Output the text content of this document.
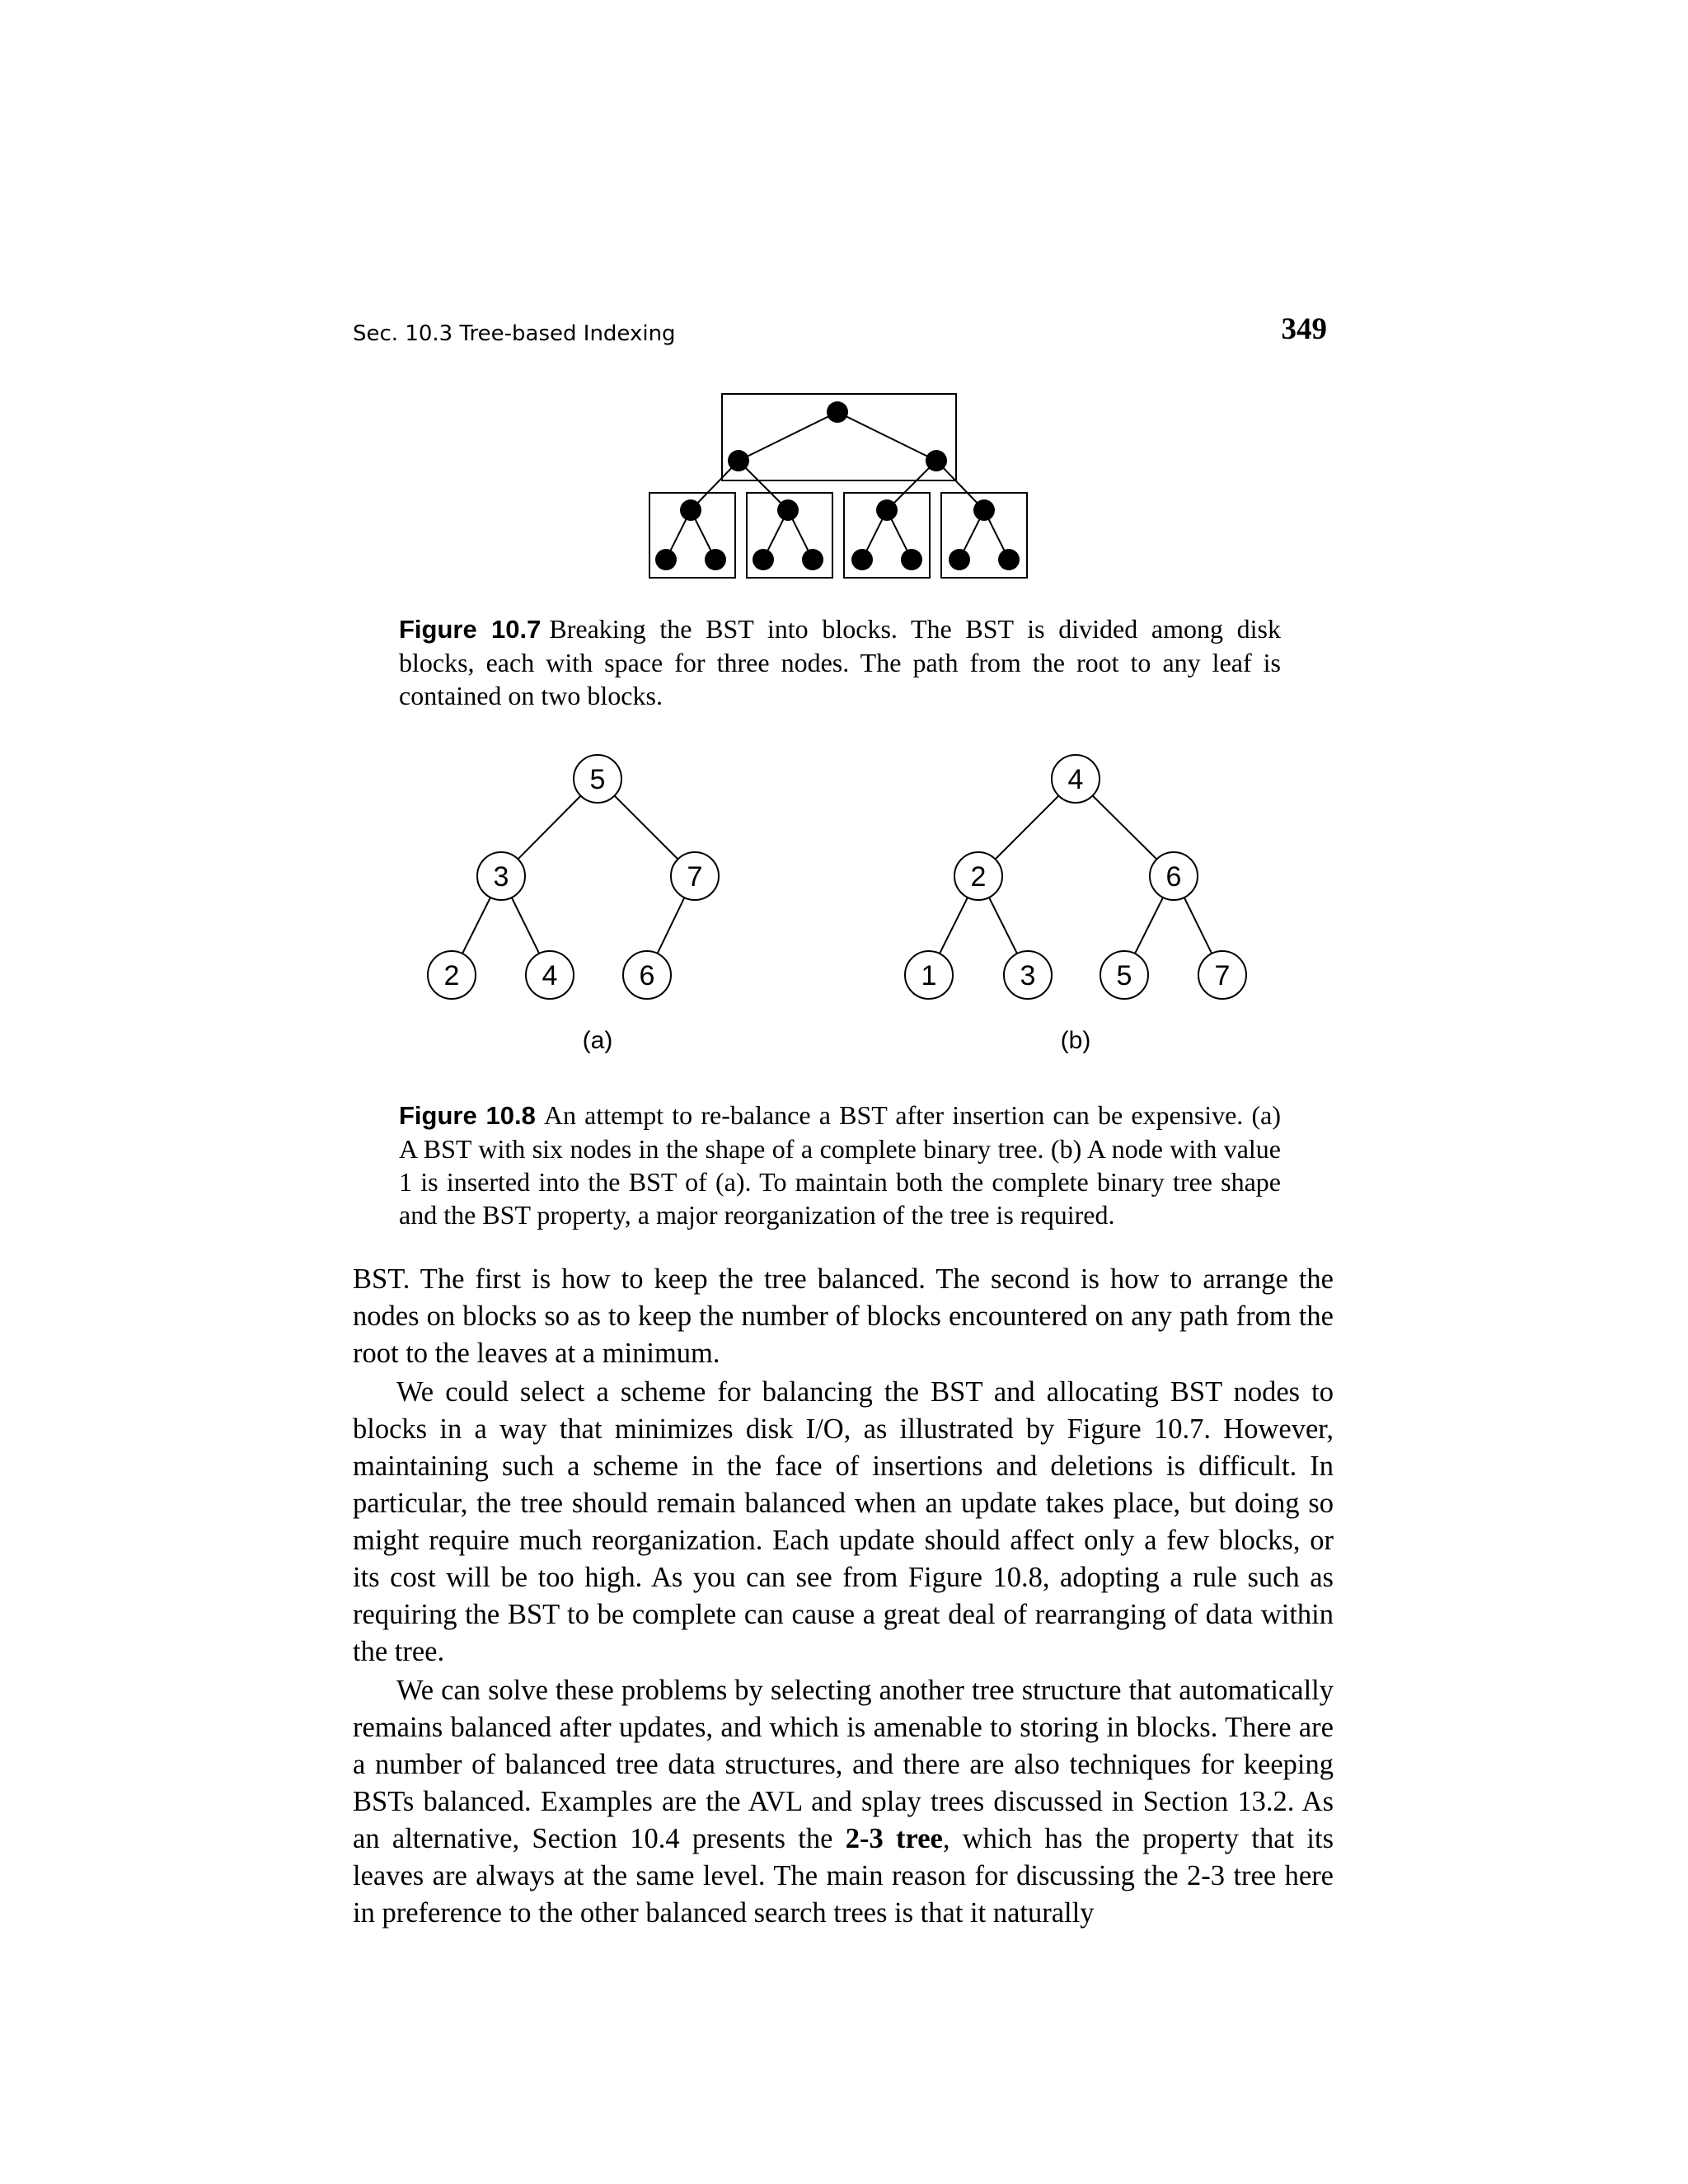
Sec. 10.3 Tree-based Indexing	349
5
3	7
2	4	6
(a)
4
2	6
1	3	5	7
(b)
Figure 10.7 Breaking the BST into blocks. The BST is divided among disk blocks, each with space for three nodes. The path from the root to any leaf is contained on two blocks.
Figure 10.8 An attempt to re-balance a BST after insertion can be expensive. (a) A BST with six nodes in the shape of a complete binary tree. (b) A node with value 1 is inserted into the BST of (a). To maintain both the complete binary tree shape and the BST property, a major reorganization of the tree is required.

BST. The first is how to keep the tree balanced. The second is how to arrange the nodes on blocks so as to keep the number of blocks encountered on any path from the root to the leaves at a minimum.

We could select a scheme for balancing the BST and allocating BST nodes to blocks in a way that minimizes disk I/O, as illustrated by Figure 10.7. However, maintaining such a scheme in the face of insertions and deletions is difficult. In particular, the tree should remain balanced when an update takes place, but doing so might require much reorganization. Each update should affect only a few blocks, or its cost will be too high. As you can see from Figure 10.8, adopting a rule such as requiring the BST to be complete can cause a great deal of rearranging of data within the tree.

We can solve these problems by selecting another tree structure that automatically remains balanced after updates, and which is amenable to storing in blocks. There are a number of balanced tree data structures, and there are also techniques for keeping BSTs balanced. Examples are the AVL and splay trees discussed in Section 13.2. As an alternative, Section 10.4 presents the 2-3 tree, which has the property that its leaves are always at the same level. The main reason for discussing the 2-3 tree here in preference to the other balanced search trees is that it naturally
